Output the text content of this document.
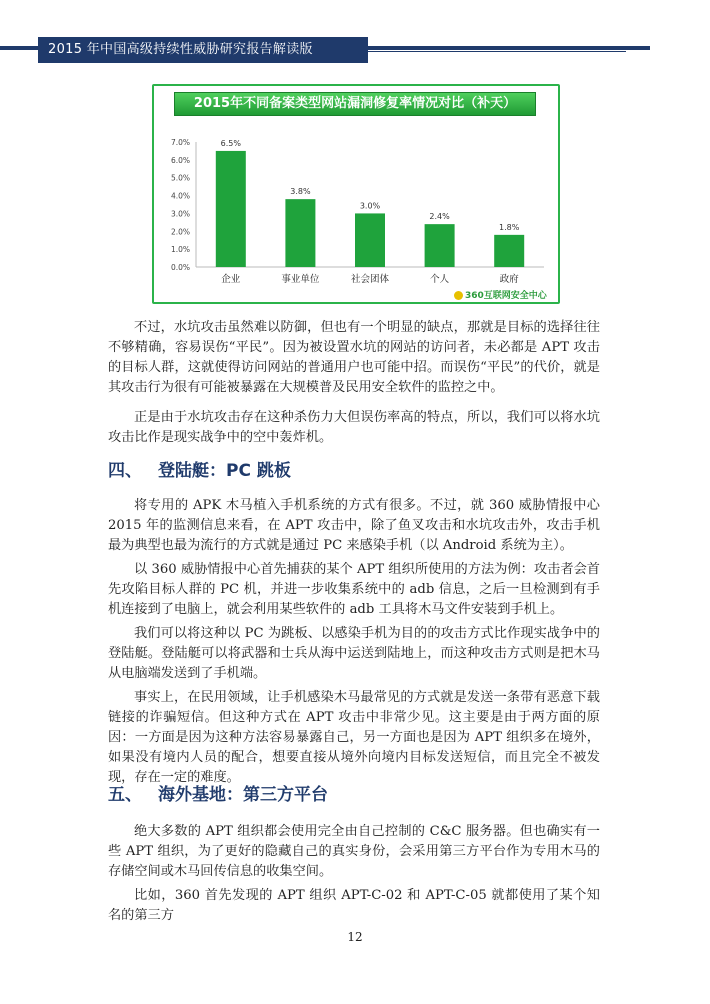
2015 年中国高级持续性威胁研究报告解读版
2015年不同备案类型网站漏洞修复率情况对比（补天）
0.0%
1.0%
2.0%
3.0%
4.0%
5.0%
6.0%
7.0%	6.5%
企业
3.8%
事业单位
3.0%
社会团体
2.4%
个人
1.8%
政府
360互联网安全中心

不过，水坑攻击虽然难以防御，但也有一个明显的缺点，那就是目标的选择往往不够精确，容易误伤“平民”。因为被设置水坑的网站的访问者，未必都是 APT 攻击的目标人群，这就使得访问网站的普通用户也可能中招。而误伤“平民”的代价，就是其攻击行为很有可能被暴露在大规模普及民用安全软件的监控之中。

正是由于水坑攻击存在这种杀伤力大但误伤率高的特点，所以，我们可以将水坑攻击比作是现实战争中的空中轰炸机。

四、 登陆艇：PC 跳板

将专用的 APK 木马植入手机系统的方式有很多。不过，就 360 威胁情报中心 2015 年的监测信息来看，在 APT 攻击中，除了鱼叉攻击和水坑攻击外，攻击手机最为典型也最为流行的方式就是通过 PC 来感染手机（以 Android 系统为主）。

以 360 威胁情报中心首先捕获的某个 APT 组织所使用的方法为例：攻击者会首先攻陷目标人群的 PC 机，并进一步收集系统中的 adb 信息，之后一旦检测到有手机连接到了电脑上，就会利用某些软件的 adb 工具将木马文件安装到手机上。

我们可以将这种以 PC 为跳板、以感染手机为目的的攻击方式比作现实战争中的登陆艇。登陆艇可以将武器和士兵从海中运送到陆地上，而这种攻击方式则是把木马从电脑端发送到了手机端。

事实上，在民用领域，让手机感染木马最常见的方式就是发送一条带有恶意下载链接的诈骗短信。但这种方式在 APT 攻击中非常少见。这主要是由于两方面的原因：一方面是因为这种方法容易暴露自己，另一方面也是因为 APT 组织多在境外，如果没有境内人员的配合，想要直接从境外向境内目标发送短信，而且完全不被发现，存在一定的难度。

五、 海外基地：第三方平台

绝大多数的 APT 组织都会使用完全由自己控制的 C&C 服务器。但也确实有一些 APT 组织，为了更好的隐藏自己的真实身份，会采用第三方平台作为专用木马的存储空间或木马回传信息的收集空间。

比如，360 首先发现的 APT 组织 APT-C-02 和 APT-C-05 就都使用了某个知名的第三方

12
